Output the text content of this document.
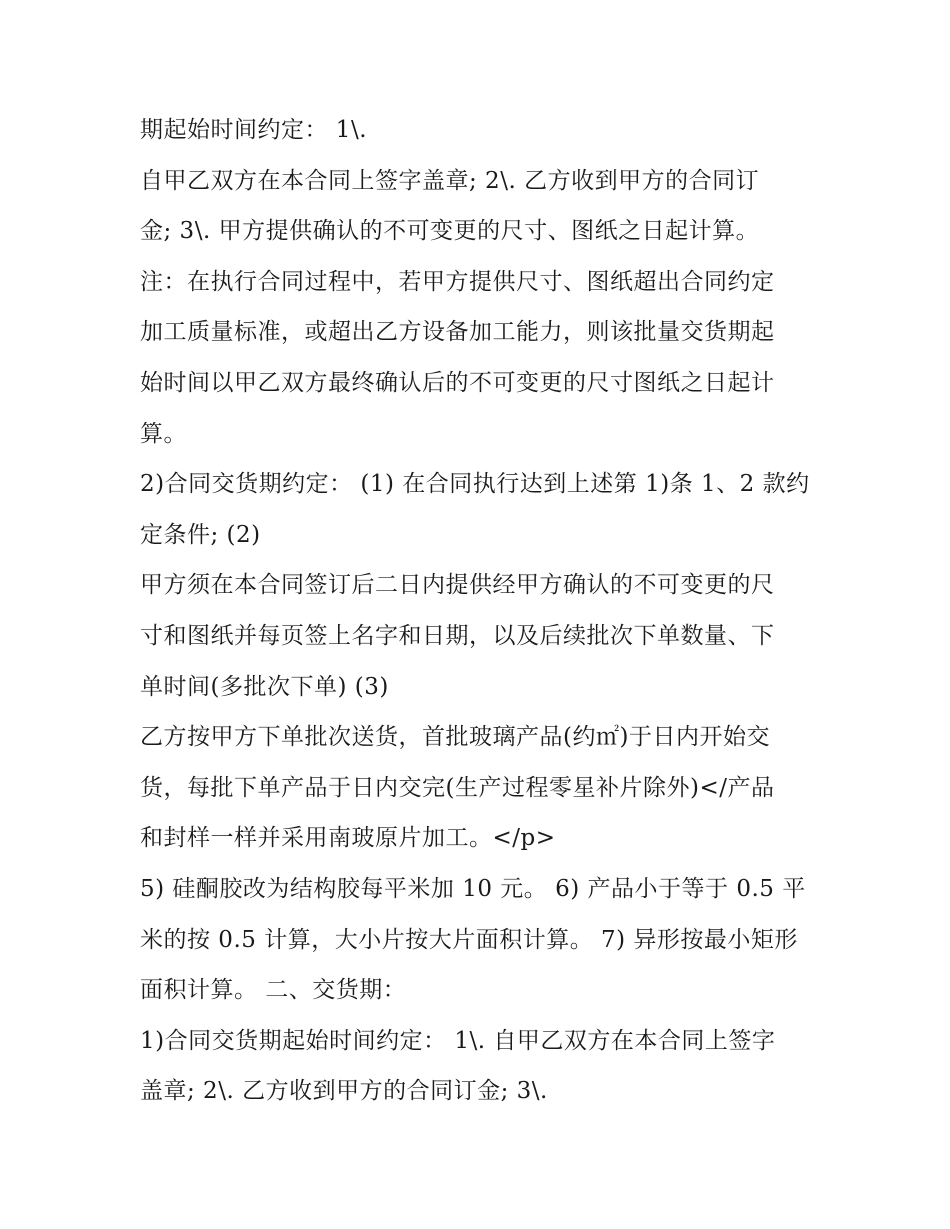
期起始时间约定： 1\.
自甲乙双方在本合同上签字盖章; 2\. 乙方收到甲方的合同订
金; 3\. 甲方提供确认的不可变更的尺寸、图纸之日起计算。
注：在执行合同过程中，若甲方提供尺寸、图纸超出合同约定
加工质量标准，或超出乙方设备加工能力，则该批量交货期起
始时间以甲乙双方最终确认后的不可变更的尺寸图纸之日起计
算。
2)合同交货期约定： (1) 在合同执行达到上述第 1)条 1、2 款约
定条件; (2)
甲方须在本合同签订后二日内提供经甲方确认的不可变更的尺
寸和图纸并每页签上名字和日期，以及后续批次下单数量、下
单时间(多批次下单) (3)
乙方按甲方下单批次送货，首批玻璃产品(约㎡)于日内开始交
货，每批下单产品于日内交完(生产过程零星补片除外)</产品
和封样一样并采用南玻原片加工。</p>
5) 硅酮胶改为结构胶每平米加 10 元。 6) 产品小于等于 0.5 平
米的按 0.5 计算，大小片按大片面积计算。 7) 异形按最小矩形
面积计算。 二、交货期：
1)合同交货期起始时间约定： 1\. 自甲乙双方在本合同上签字
盖章; 2\. 乙方收到甲方的合同订金; 3\.
